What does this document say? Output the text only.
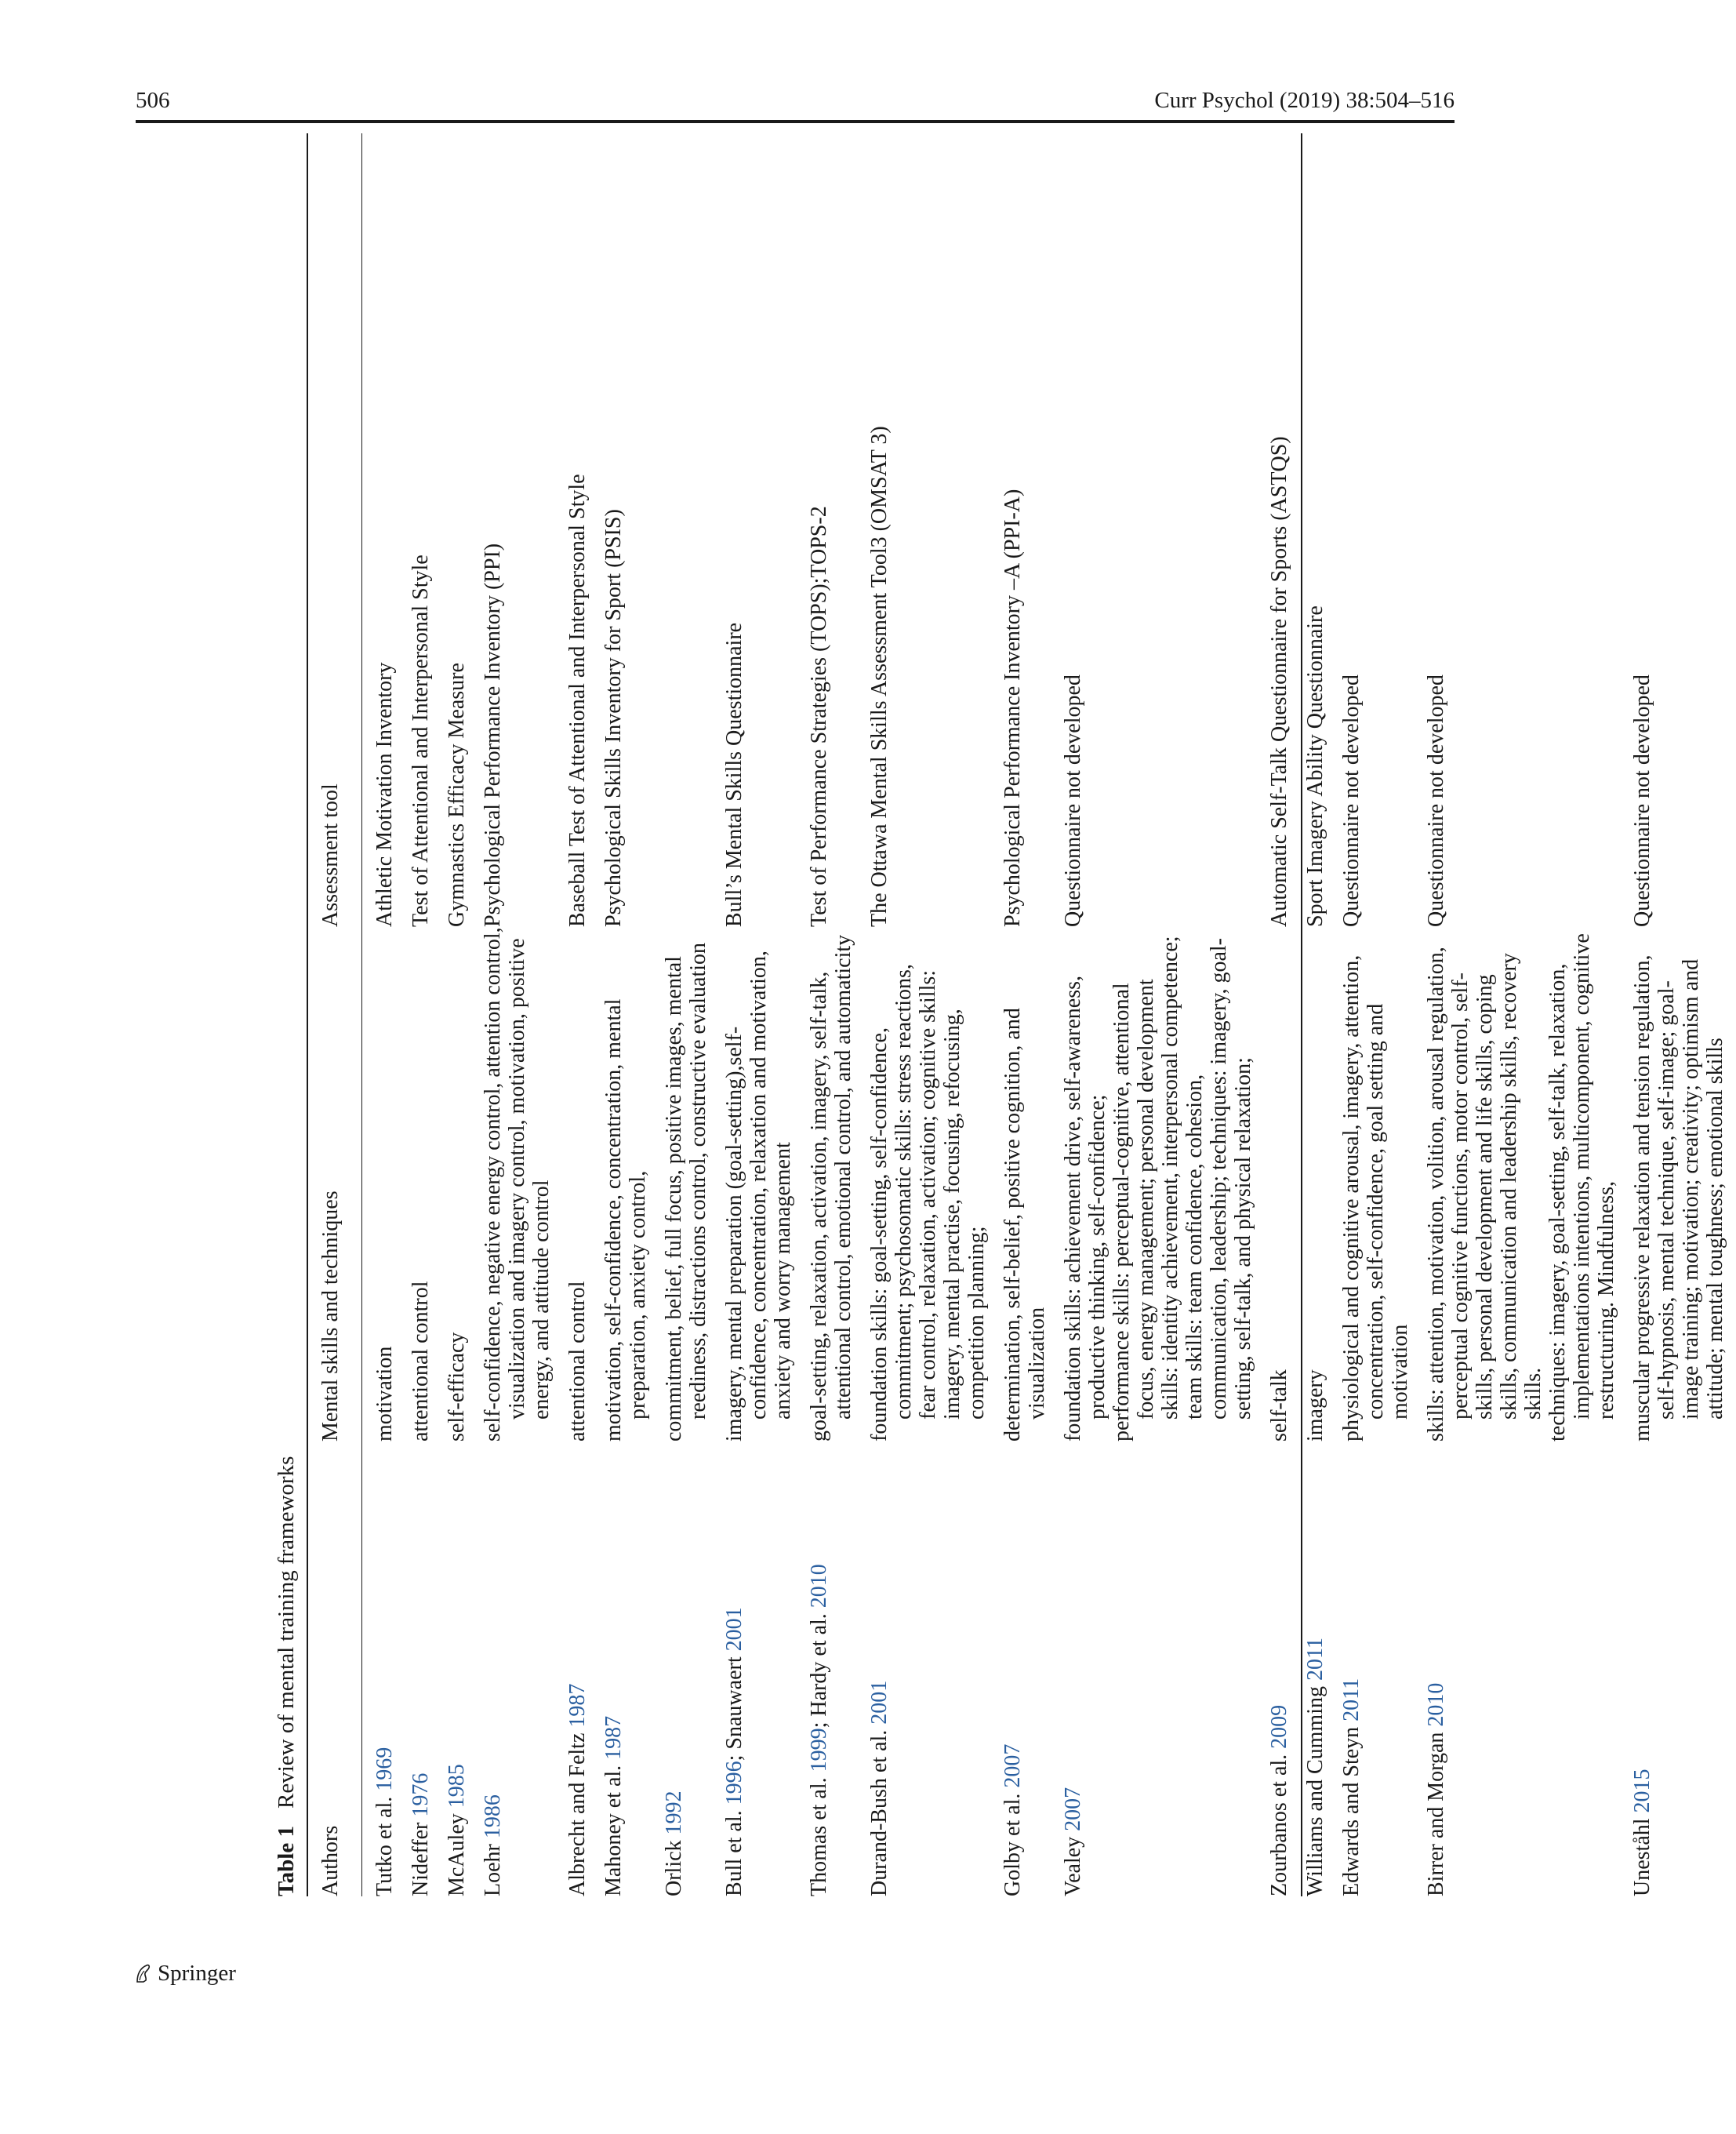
506	Curr Psychol (2019) 38:504–516
Table 1Review of mental training frameworks
Authors
Mental skills and techniques
Assessment tool
Tutko et al. 1969
motivation
Athletic Motivation Inventory
Nideffer 1976
attentional control
Test of Attentional and Interpersonal Style
McAuley 1985
self-efficacy
Gymnastics Efficacy Measure
Loehr 1986
self-confidence, negative energy control, attention control, visualization and imagery control, motivation, positive energy, and attitude control
Psychological Performance Inventory (PPI)
Albrecht and Feltz 1987
attentional control
Baseball Test of Attentional and Interpersonal Style
Mahoney et al. 1987
motivation, self-confidence, concentration, mental preparation, anxiety control,
Psychological Skills Inventory for Sport (PSIS)
Orlick 1992
commitment, belief, full focus, positive images, mental reediness, distractions control, constructive evaluation
Bull et al. 1996; Snauwaert 2001
imagery, mental preparation (goal-setting),self-confidence, concentration, relaxation and motivation, anxiety and worry management
Bull’s Mental Skills Questionnaire
Thomas et al. 1999; Hardy et al. 2010
goal-setting, relaxation, activation, imagery, self-talk, attentional control, emotional control, and automaticity
Test of Performance Strategies (TOPS);TOPS-2
Durand-Bush et al. 2001
foundation skills: goal-setting, self-confidence, commitment; psychosomatic skills: stress reactions, fear control, relaxation, activation; cognitive skills: imagery, mental practise, focusing, refocusing, competition planning;
The Ottawa Mental Skills Assessment Tool3 (OMSAT 3)
Golby et al. 2007
determination, self-belief, positive cognition, and visualization
Psychological Performance Inventory –A (PPI-A)
Vealey 2007
foundation skills: achievement drive, self-awareness, productive thinking, self-confidence; performance skills: perceptual-cognitive, attentional focus, energy management; personal development skills: identity achievement, interpersonal competence; team skills: team confidence, cohesion, communication, leadership; techniques: imagery, goal-setting, self-talk, and physical relaxation;
Questionnaire not developed
Zourbanos et al. 2009
self-talk
Automatic Self-Talk Questionnaire for Sports (ASTQS)
Williams and Cumming 2011
imagery
Sport Imagery Ability Questionnaire
Edwards and Steyn 2011
physiological and cognitive arousal, imagery, attention, concentration, self-confidence, goal setting and motivation
Questionnaire not developed
Birrer and Morgan 2010
skills: attention, motivation, volition, arousal regulation, perceptual cognitive functions, motor control, self-skills, personal development and life skills, coping skills, communication and leadership skills, recovery skills. techniques: imagery, goal-setting, self-talk, relaxation, implementations intentions, multicomponent, cognitive restructuring. Mindfulness,
Questionnaire not developed
Uneståhl 2015
muscular progressive relaxation and tension regulation, self-hypnosis, mental technique, self-image; goal-image training; motivation; creativity; optimism and attitude; mental toughness; emotional skills
Questionnaire not developed
Springer
